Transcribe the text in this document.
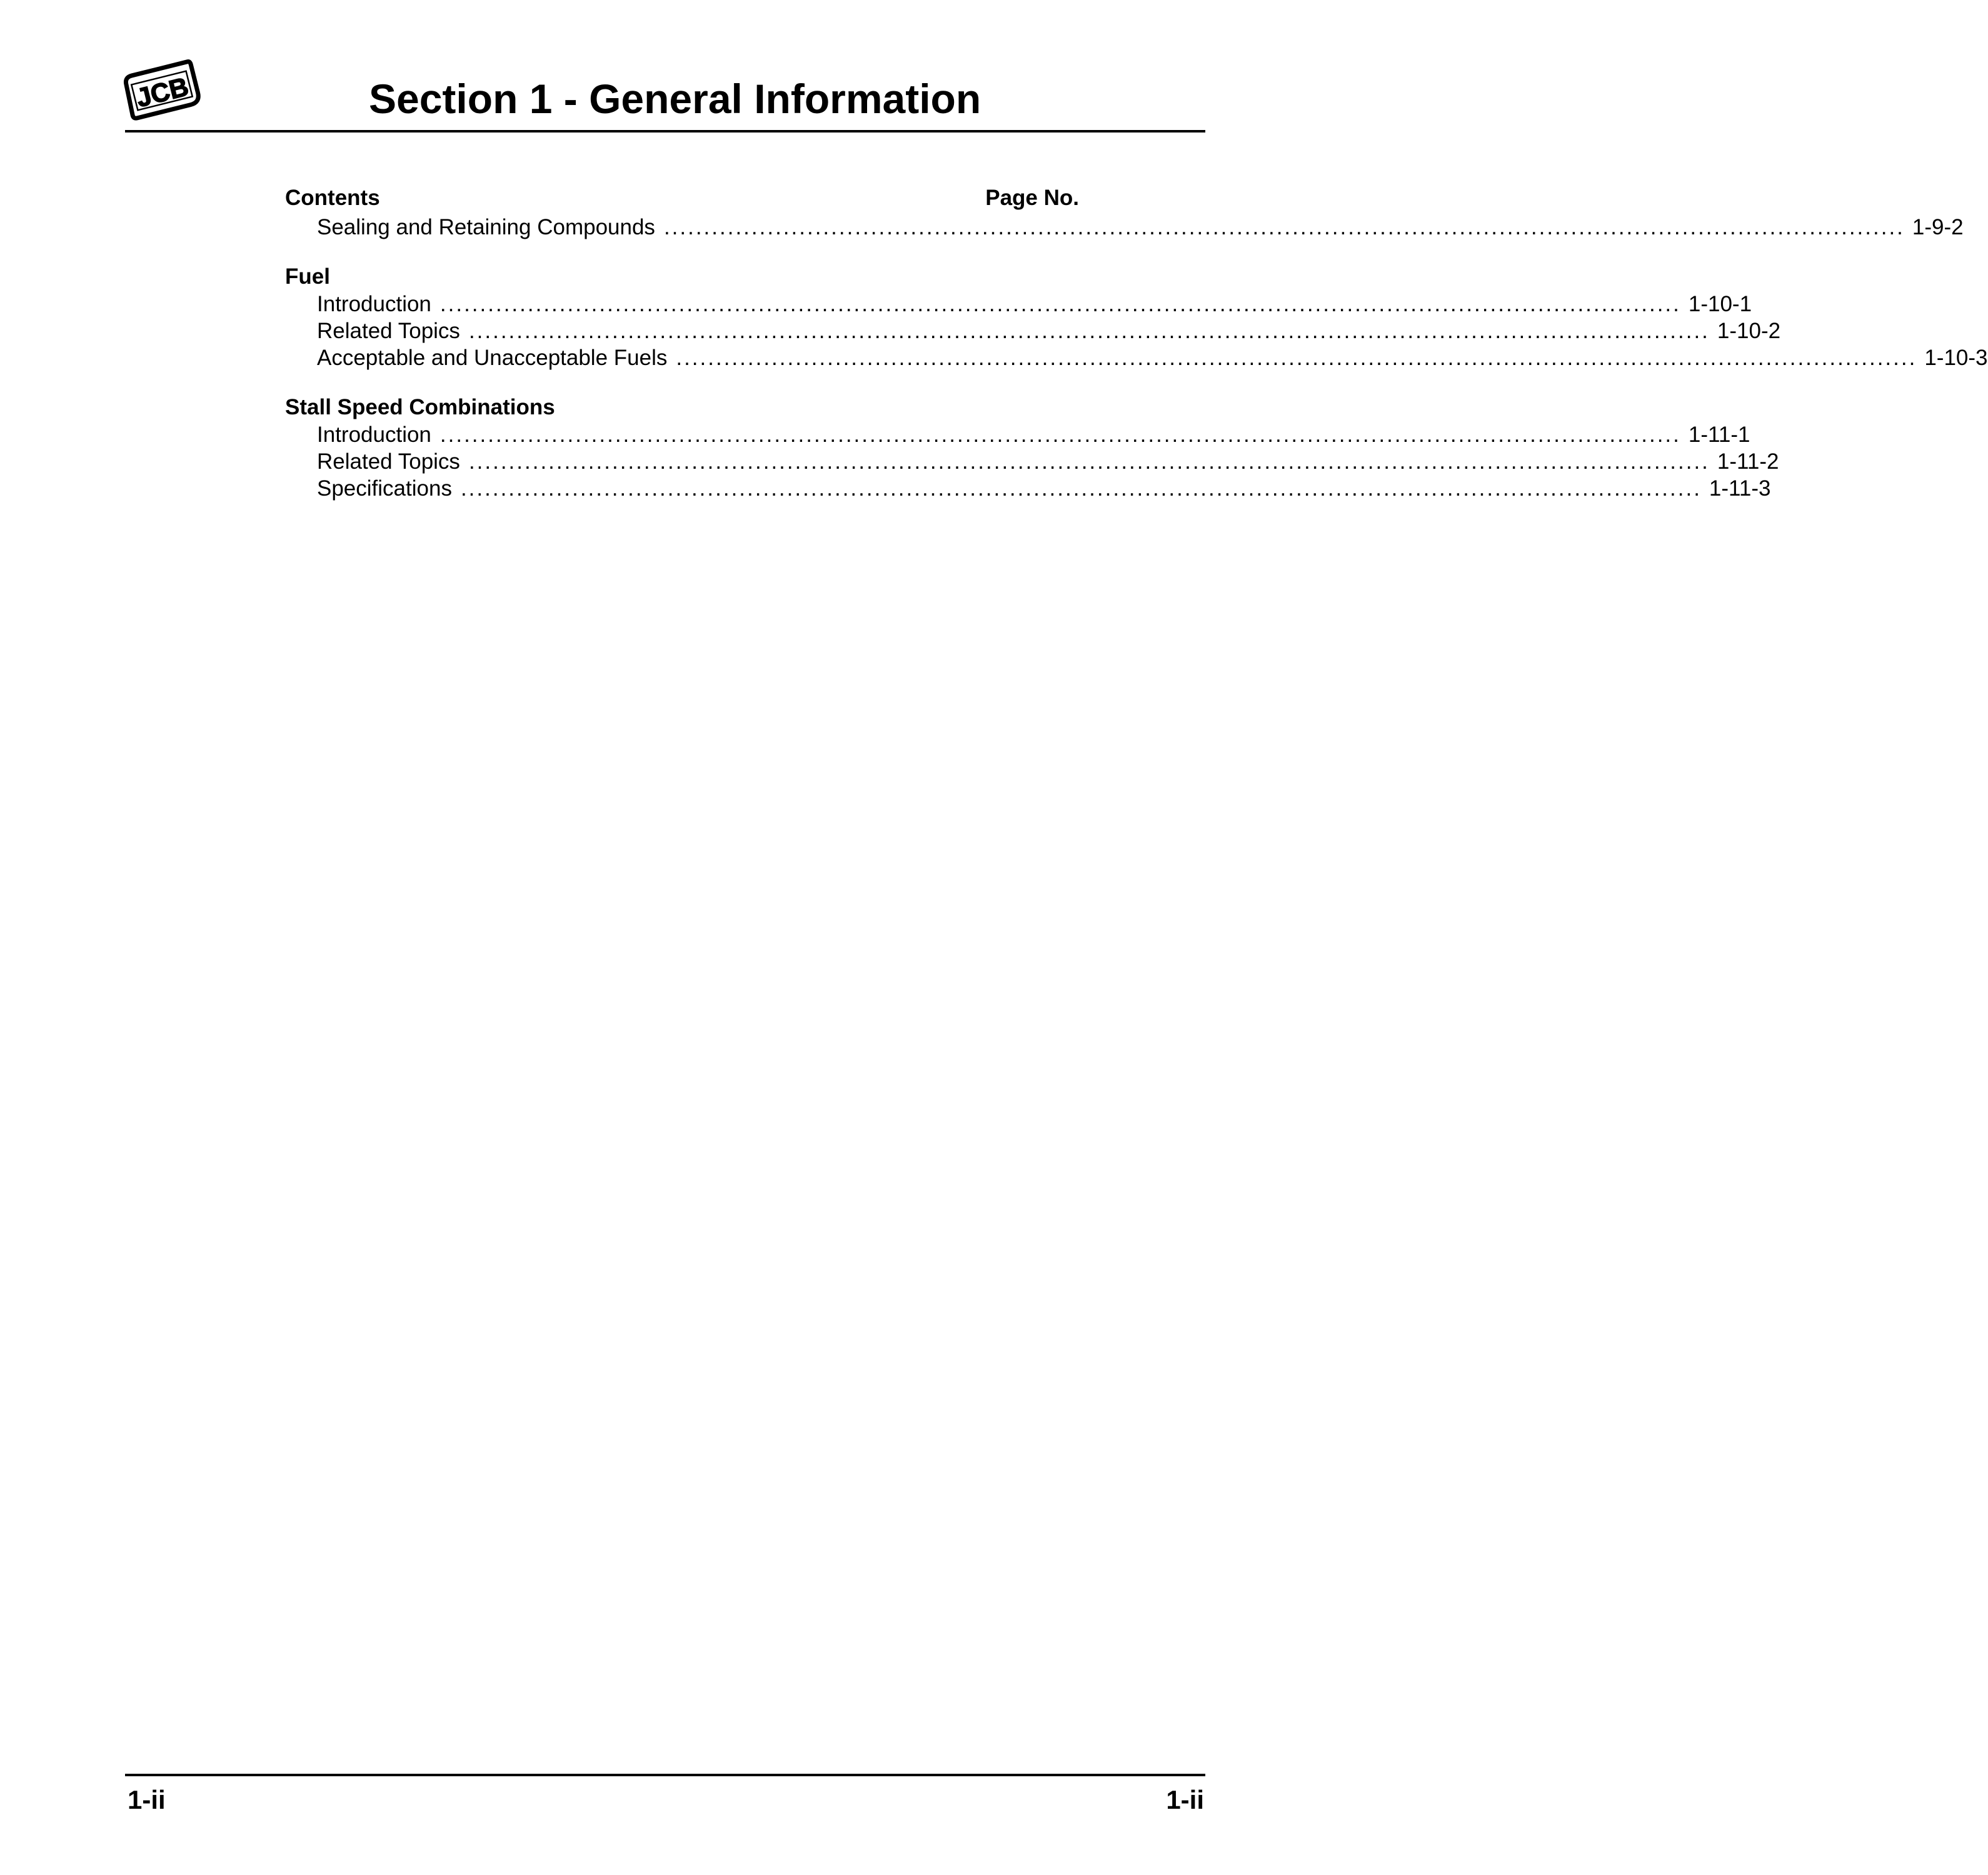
JCB	Section 1 - General Information
Contents	Page No.
Sealing and Retaining Compounds ............................................................................................................................................................ 1-9-2
Fuel
Introduction ............................................................................................................................................................ 1-10-1
Related Topics ............................................................................................................................................................ 1-10-2
Acceptable and Unacceptable Fuels ............................................................................................................................................................ 1-10-3
Stall Speed Combinations
Introduction ............................................................................................................................................................ 1-11-1
Related Topics ............................................................................................................................................................ 1-11-2
Specifications ............................................................................................................................................................ 1-11-3
1-ii	1-ii
